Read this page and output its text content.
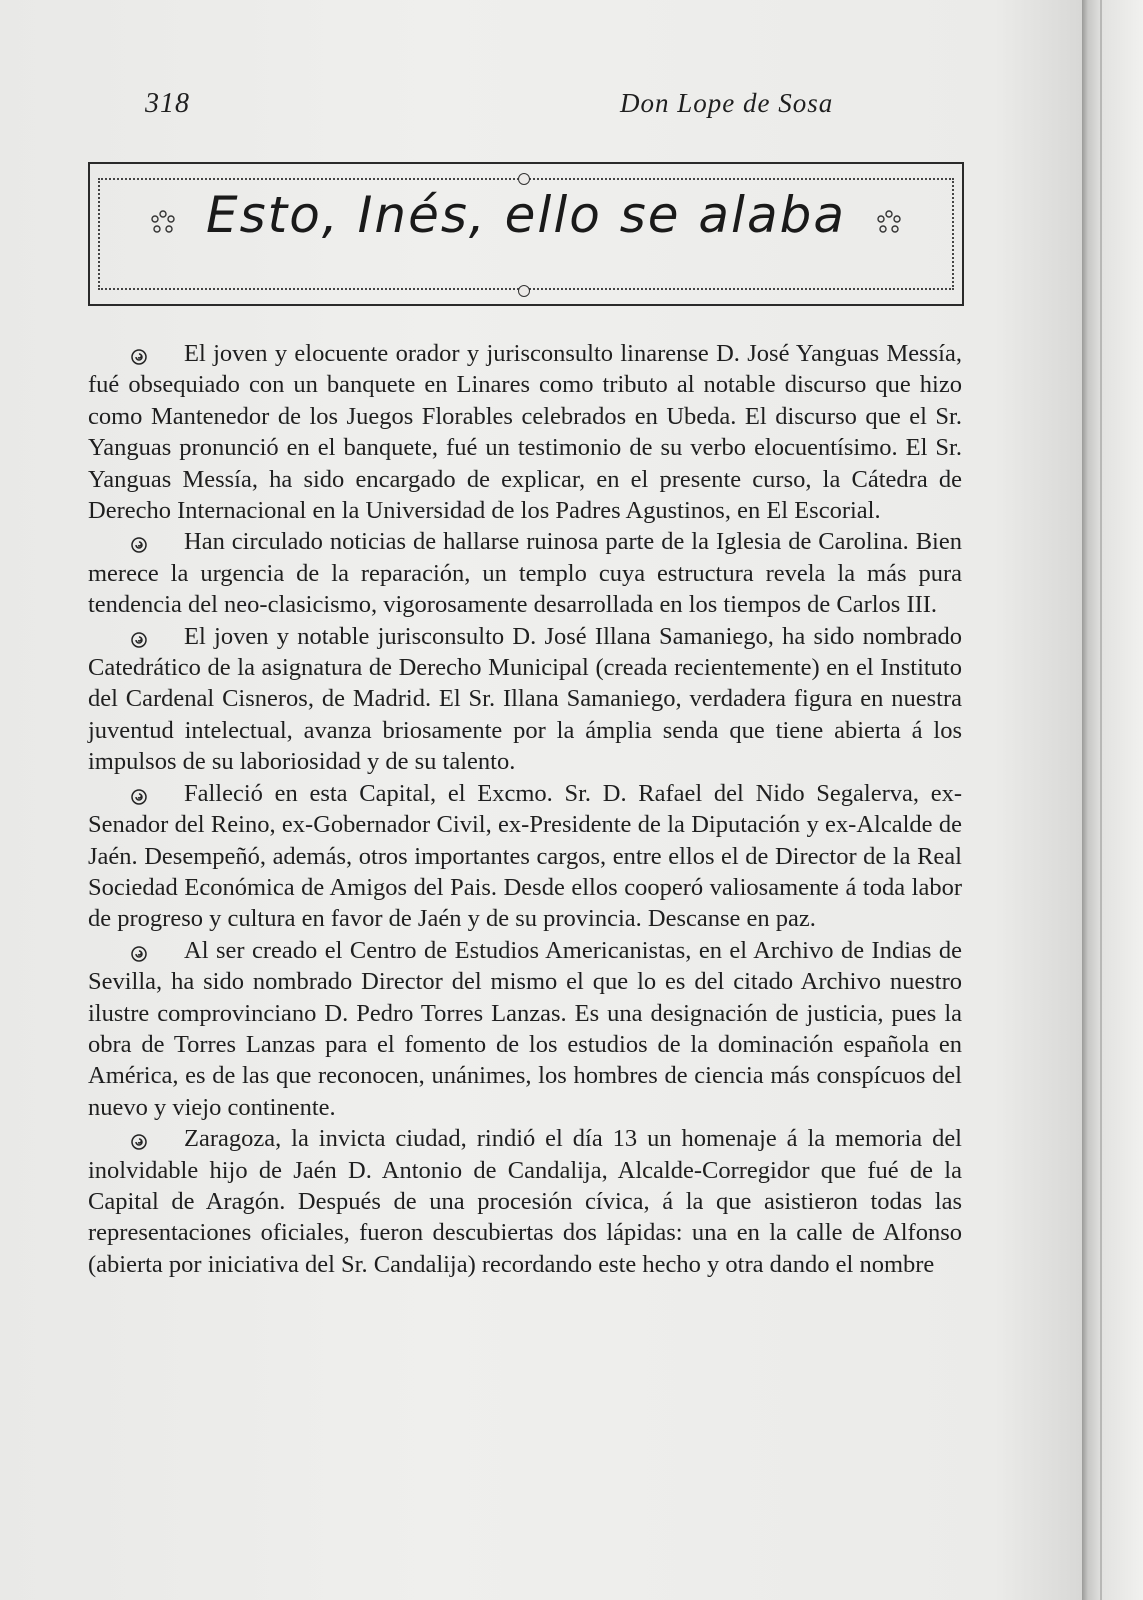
318	Don Lope de Sosa
Esto, Inés, ello se alaba

El joven y elocuente orador y jurisconsulto linarense D. José Yanguas Messía, fué obsequiado con un banquete en Linares como tributo al notable discurso que hizo como Mantenedor de los Juegos Florables celebrados en Ubeda. El discurso que el Sr. Yanguas pronunció en el banquete, fué un testimonio de su verbo elocuentísimo. El Sr. Yanguas Messía, ha sido encargado de explicar, en el presente curso, la Cátedra de Derecho Internacional en la Universidad de los Padres Agustinos, en El Escorial.

Han circulado noticias de hallarse ruinosa parte de la Iglesia de Carolina. Bien merece la urgencia de la reparación, un templo cuya estructura revela la más pura tendencia del neo-clasicismo, vigorosamente desarrollada en los tiempos de Carlos III.

El joven y notable jurisconsulto D. José Illana Samaniego, ha sido nombrado Catedrático de la asignatura de Derecho Municipal (creada recientemente) en el Instituto del Cardenal Cisneros, de Madrid. El Sr. Illana Samaniego, verdadera figura en nuestra juventud intelectual, avanza briosamente por la ámplia senda que tiene abierta á los impulsos de su laboriosidad y de su talento.

Falleció en esta Capital, el Excmo. Sr. D. Rafael del Nido Segalerva, ex-Senador del Reino, ex-Gobernador Civil, ex-Presidente de la Diputación y ex-Alcalde de Jaén. Desempeñó, además, otros importantes cargos, entre ellos el de Director de la Real Sociedad Económica de Amigos del Pais. Desde ellos cooperó valiosamente á toda labor de progreso y cultura en favor de Jaén y de su provincia. Descanse en paz.

Al ser creado el Centro de Estudios Americanistas, en el Archivo de Indias de Sevilla, ha sido nombrado Director del mismo el que lo es del citado Archivo nuestro ilustre comprovinciano D. Pedro Torres Lanzas. Es una designación de justicia, pues la obra de Torres Lanzas para el fomento de los estudios de la dominación española en América, es de las que reconocen, unánimes, los hombres de ciencia más conspícuos del nuevo y viejo continente.

Zaragoza, la invicta ciudad, rindió el día 13 un homenaje á la memoria del inolvidable hijo de Jaén D. Antonio de Candalija, Alcalde-Corregidor que fué de la Capital de Aragón. Después de una procesión cívica, á la que asistieron todas las representaciones oficiales, fueron descubiertas dos lápidas: una en la calle de Alfonso (abierta por iniciativa del Sr. Candalija) recordando este hecho y otra dando el nombre
